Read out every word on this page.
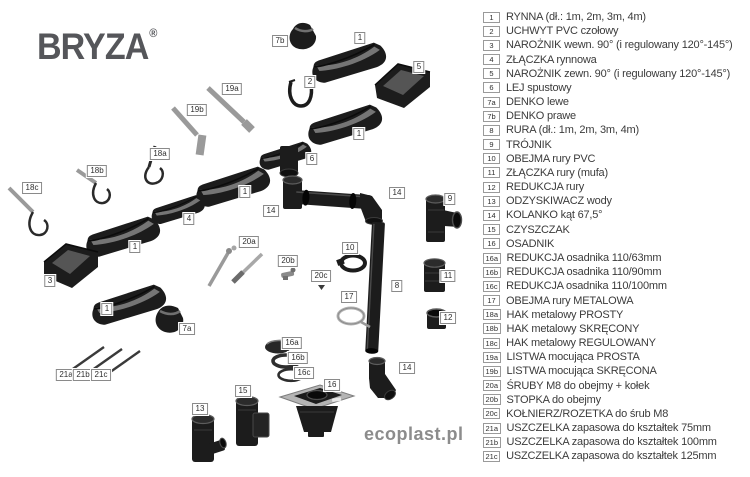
BRYZA®
7b	1
5
2
19a
19b
1
18a
6
18b
18c	1	14
9
14
4
20a
1	10
20b
11
20c
3
8
17
1
12
7a
16a
16b
14
16c
21a 21b 21c
16
15
13
1	RYNNA (dł.: 1m, 2m, 3m, 4m)
2	UCHWYT PVC czołowy
3	NAROŻNIK wewn. 90° (i regulowany 120°-145°)
4	ZŁĄCZKA rynnowa
5	NAROŻNIK zewn. 90° (i regulowany 120°-145°)
6	LEJ spustowy
7a DENKO lewe
7b DENKO prawe
8	RURA (dł.: 1m, 2m, 3m, 4m)
9	TRÓJNIK
10 OBEJMA rury PVC
11 ZŁĄCZKA rury (mufa)
12 REDUKCJA rury
13 ODZYSKIWACZ wody
14 KOLANKO kąt 67,5°
15 CZYSZCZAK
16 OSADNIK
16a REDUKCJA osadnika 110/63mm
16b REDUKCJA osadnika 110/90mm
16c REDUKCJA osadnika 110/100mm
17 OBEJMA rury METALOWA
18a HAK metalowy PROSTY
18b HAK metalowy SKRĘCONY
18c HAK metalowy REGULOWANY
19a LISTWA mocująca PROSTA
19b LISTWA mocująca SKRĘCONA
20a ŚRUBY M8 do obejmy + kołek
20b STOPKA do obejmy
20c KOŁNIERZ/ROZETKA do śrub M8
21a USZCZELKA zapasowa do kształtek 75mm
21b USZCZELKA zapasowa do kształtek 100mm
21c USZCZELKA zapasowa do kształtek 125mm
ecoplast.pl
